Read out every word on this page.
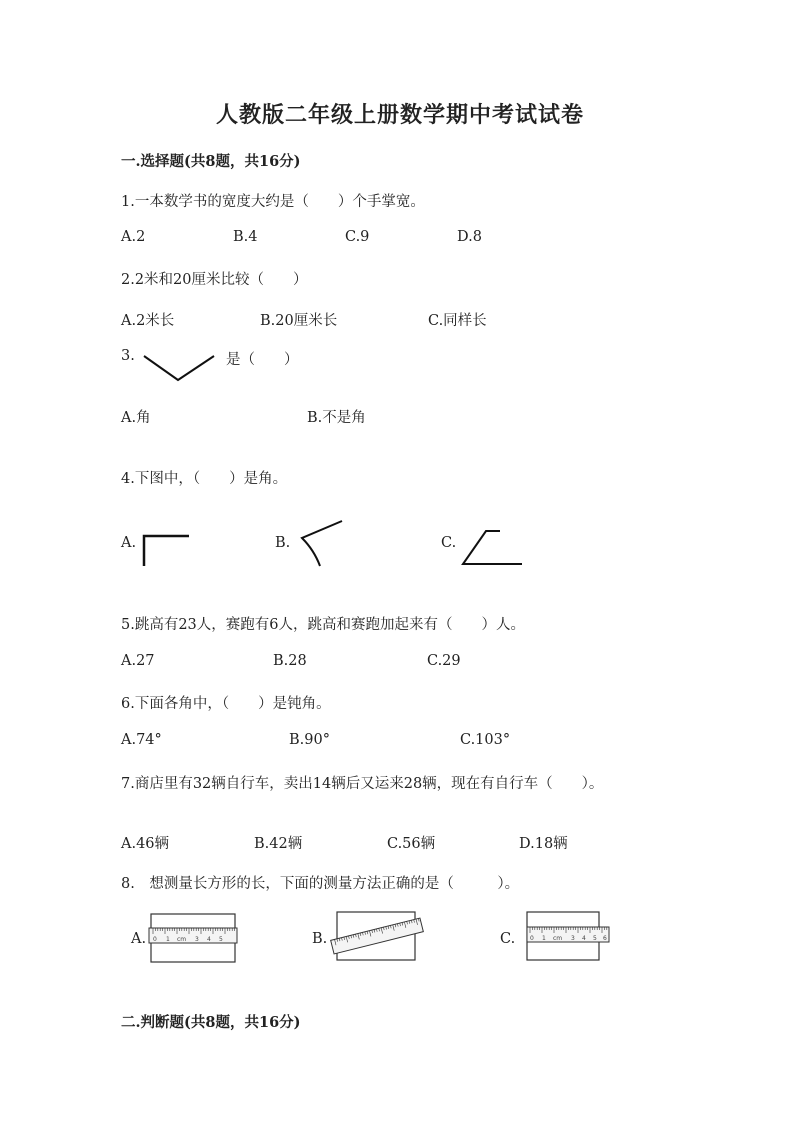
人教版二年级上册数学期中考试试卷
一.选择题(共8题，共16分)
1.一本数学书的宽度大约是（　　）个手掌宽。
A.2	B.4	C.9	D.8
2.2米和20厘米比较（　　）
A.2米长	B.20厘米长	C.同样长
3.	是（　　）
A.角	B.不是角
4.下图中，（　　）是角。
A.	B.	C.
5.跳高有23人，赛跑有6人，跳高和赛跑加起来有（　　）人。
A.27	B.28	C.29
6.下面各角中，（　　）是钝角。
A.74°	B.90°	C.103°
7.商店里有32辆自行车，卖出14辆后又运来28辆，现在有自行车（　　）。
A.46辆	B.42辆	C.56辆	D.18辆
8.　想测量长方形的长，下面的测量方法正确的是（　　　）。
A. 0 1 cm 3 4 5	B.	C. 0 1 cm 3 4 5 6
二.判断题(共8题，共16分)
